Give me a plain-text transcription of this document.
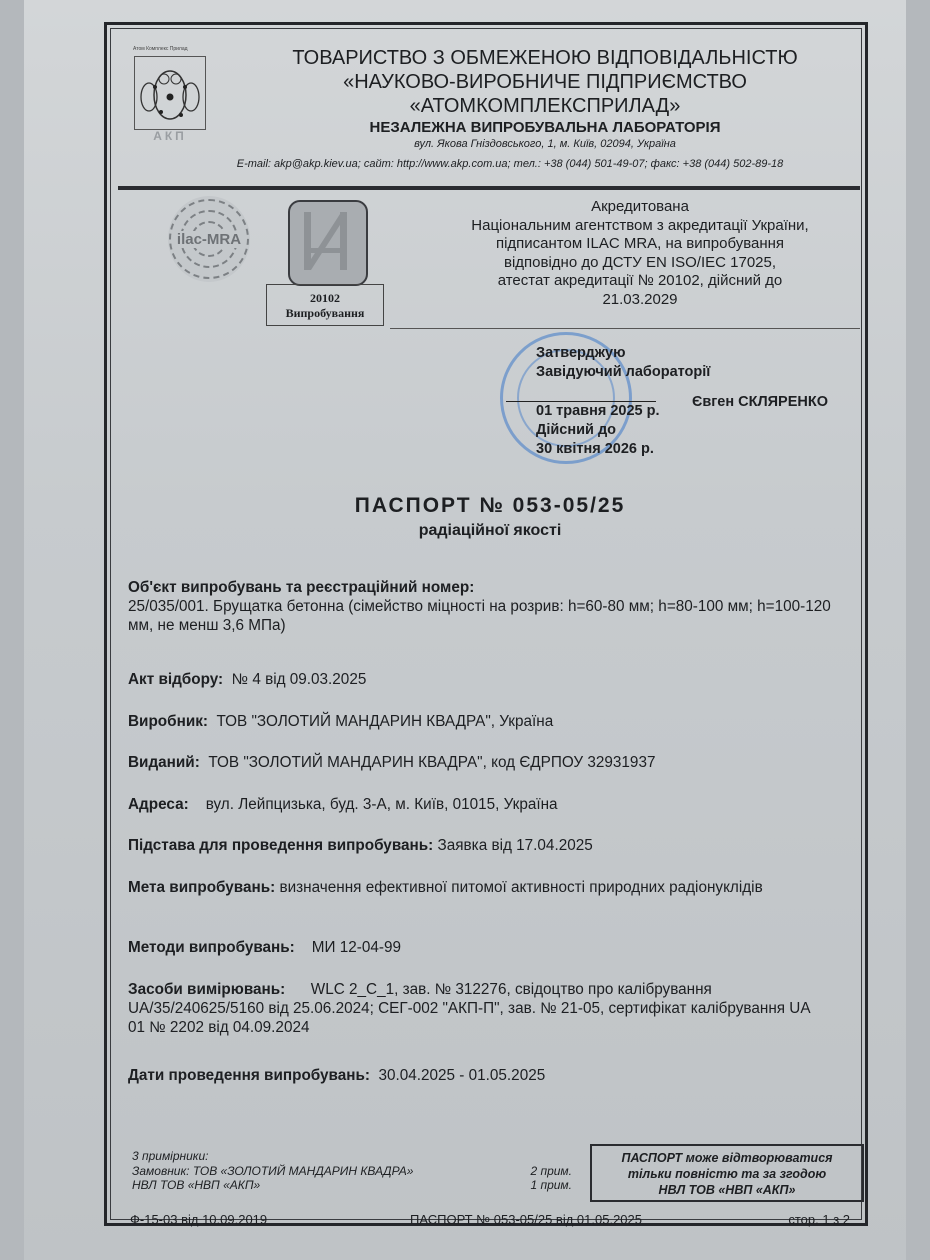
Атом Комплекс Прилад
АКП
ТОВАРИСТВО З ОБМЕЖЕНОЮ ВІДПОВІДАЛЬНІСТЮ
«НАУКОВО-ВИРОБНИЧЕ ПІДПРИЄМСТВО
«АТОМКОМПЛЕКСПРИЛАД»
НЕЗАЛЕЖНА ВИПРОБУВАЛЬНА ЛАБОРАТОРІЯ
вул. Якова Гніздовського, 1, м. Київ, 02094, Україна
E-mail: akp@akp.kiev.ua; сайт: http://www.akp.com.ua; тел.: +38 (044) 501-49-07; факс: +38 (044) 502-89-18
ilac-MRA
20102
Випробування
Акредитована
Національним агентством з акредитації України,
підписантом ILAC MRA, на випробування
відповідно до ДСТУ EN ISO/IEC 17025,
атестат акредитації № 20102, дійсний до
21.03.2029
Затверджую
Завідуючий лабораторії

01 травня 2025 р.
Дійсний до
30 квітня 2026 р.
Євген СКЛЯРЕНКО
ПАСПОРТ № 053-05/25
радіаційної якості
Об'єкт випробувань та реєстраційний номер:
25/035/001. Брущатка бетонна (сімейство міцності на розрив: h=60-80 мм; h=80-100 мм; h=100-120 мм, не менш 3,6 МПа)
Акт відбору: № 4 від 09.03.2025
Виробник: ТОВ "ЗОЛОТИЙ МАНДАРИН КВАДРА", Україна
Виданий: ТОВ "ЗОЛОТИЙ МАНДАРИН КВАДРА", код ЄДРПОУ 32931937
Адреса: вул. Лейпцизька, буд. 3-А, м. Київ, 01015, Україна
Підстава для проведення випробувань: Заявка від 17.04.2025
Мета випробувань: визначення ефективної питомої активності природних радіонуклідів
Методи випробувань: МИ 12-04-99
Засоби вимірювань: WLC 2_C_1, зав. № 312276, свідоцтво про калібрування UA/35/240625/5160 від 25.06.2024; СЕГ-002 "АКП-П", зав. № 21-05, сертифікат калібрування UA 01 № 2202 від 04.09.2024
Дати проведення випробувань: 30.04.2025 - 01.05.2025
3 примірники:
Замовник: ТОВ «ЗОЛОТИЙ МАНДАРИН КВАДРА»	2 прим.
НВЛ ТОВ «НВП «АКП»	1 прим.
ПАСПОРТ може відтворюватися
тільки повністю та за згодою
НВЛ ТОВ «НВП «АКП»
Ф-15-03 від 10.09.2019	ПАСПОРТ № 053-05/25 від 01.05.2025	стор. 1 з 2
